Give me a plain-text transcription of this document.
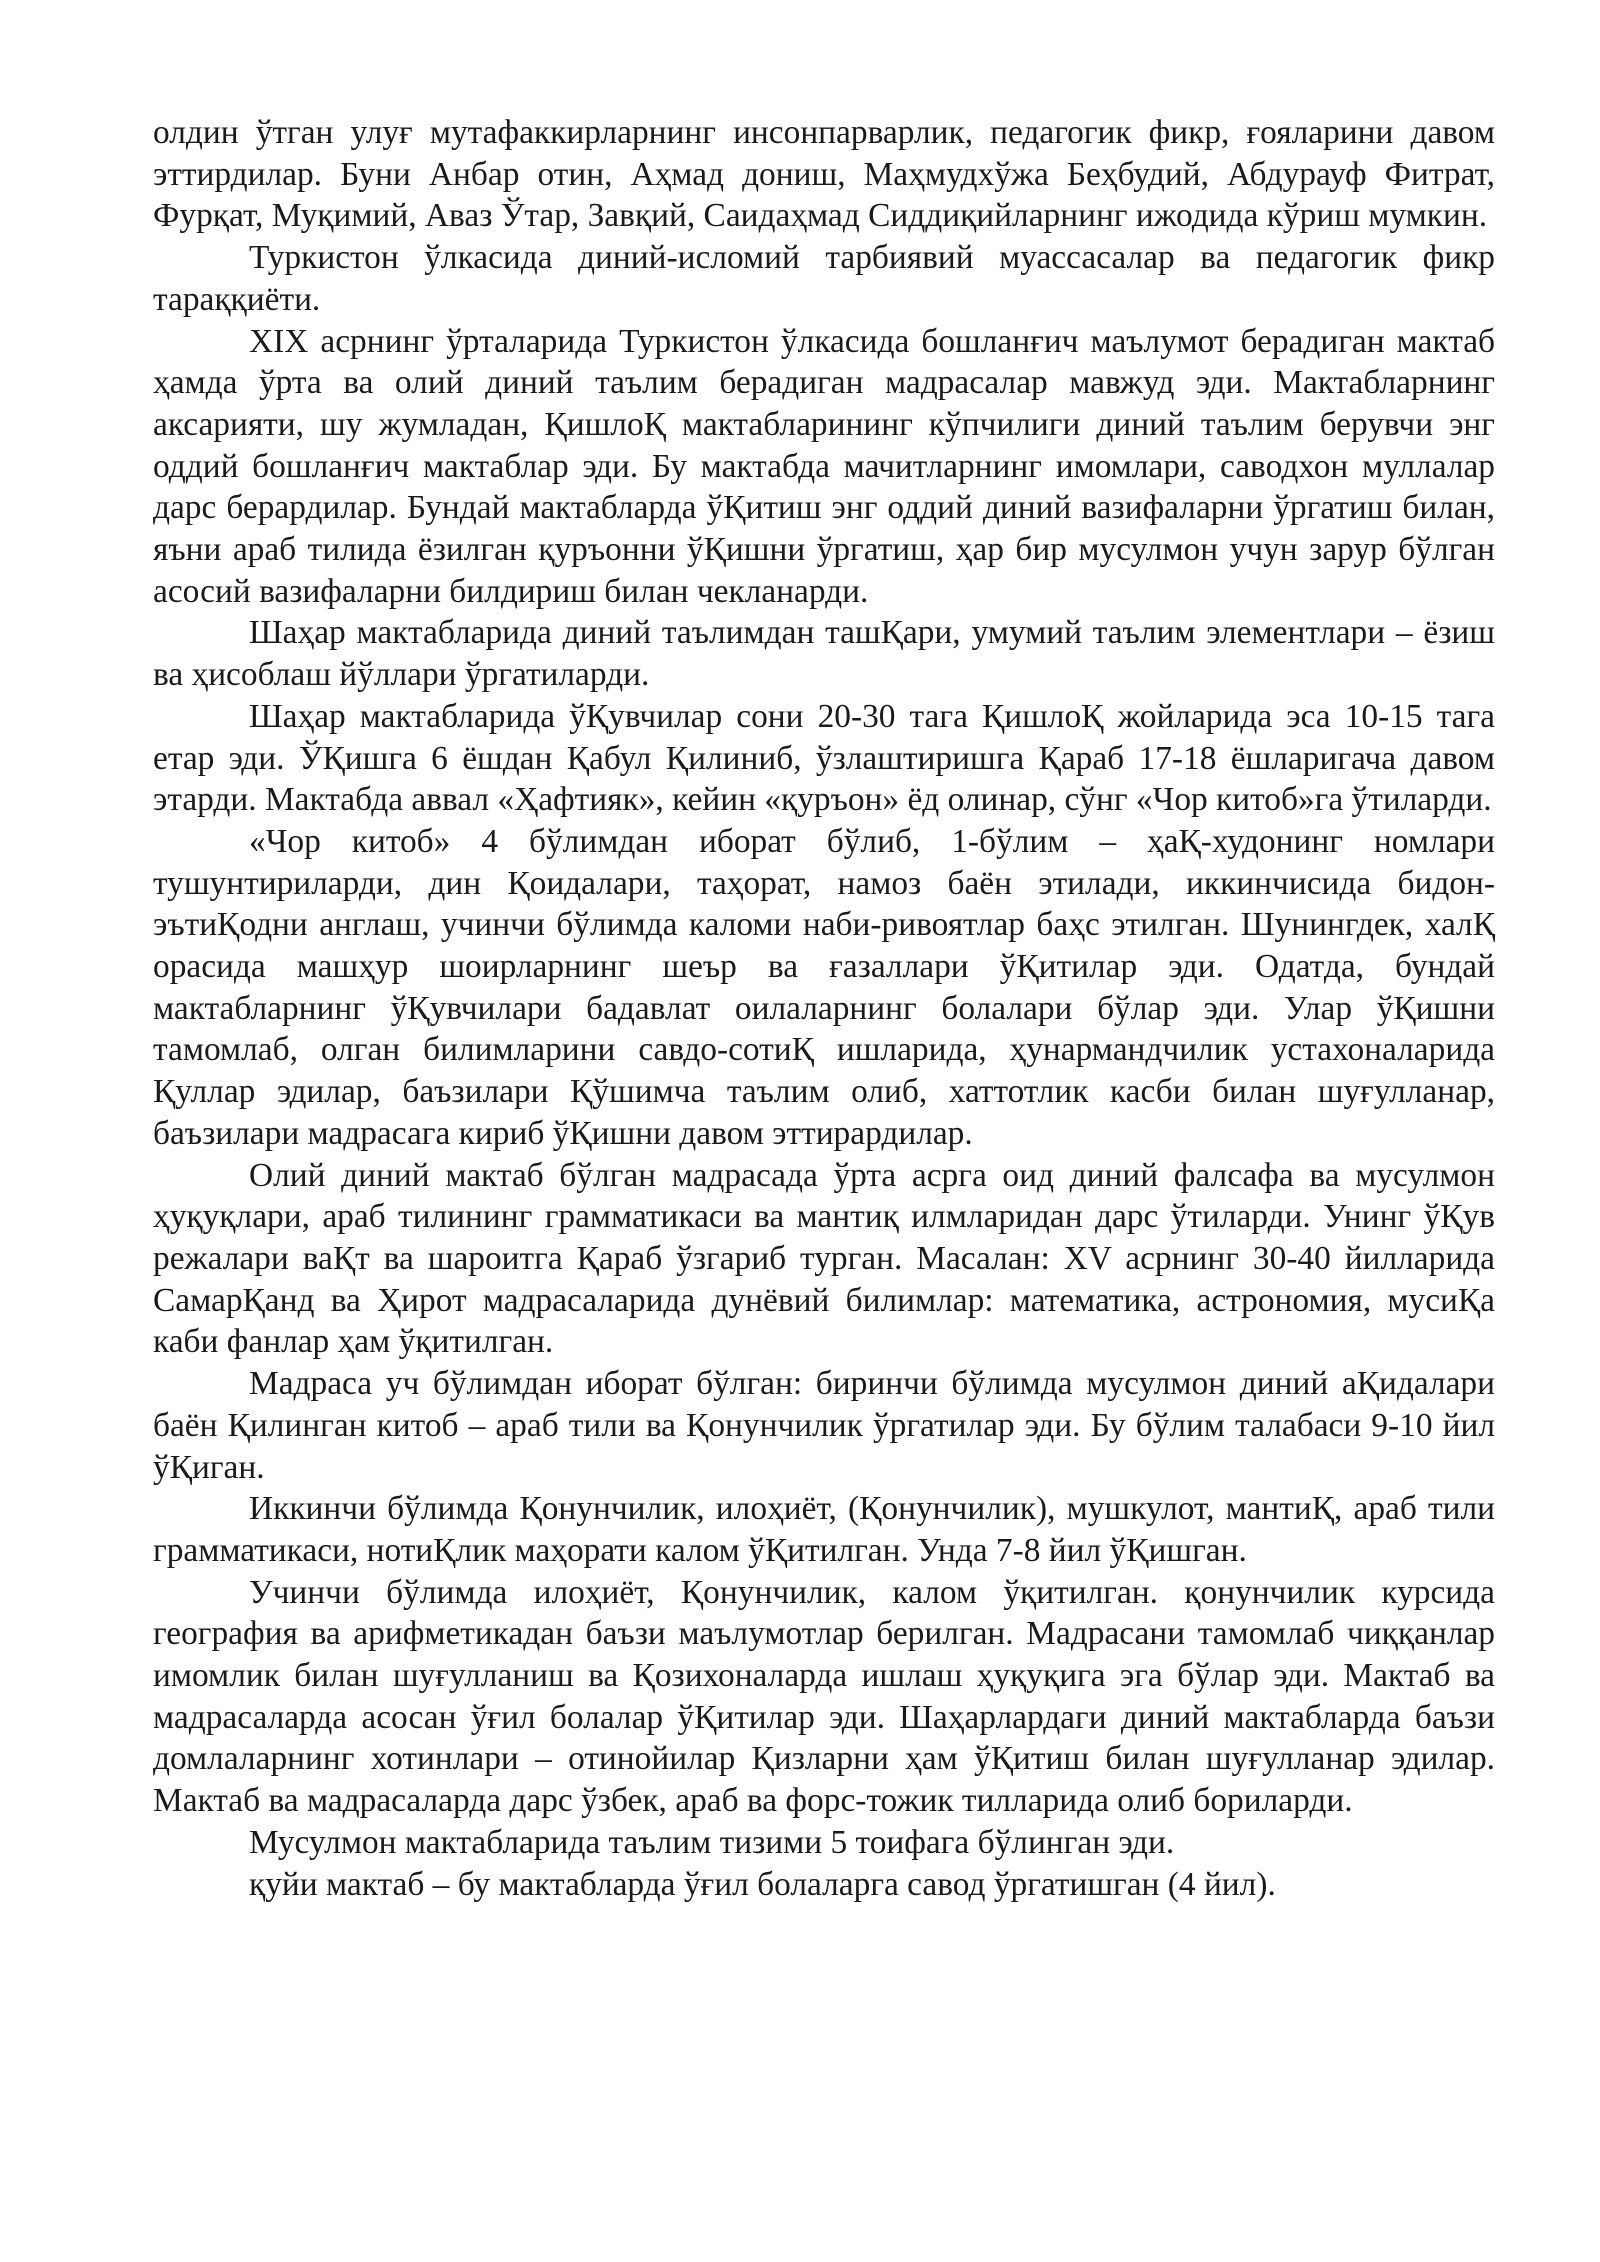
олдин ўтган улуғ мутафаккирларнинг инсонпарварлик, педагогик фикр, ғояларини давом эттирдилар. Буни Анбар отин, Аҳмад дониш, Маҳмудхўжа Беҳбудий, Абдурауф Фитрат, Фурқат, Муқимий, Аваз Ўтар, Завқий, Саидаҳмад Сиддиқийларнинг ижодида кўриш мумкин.

Туркистон ўлкасида диний-исломий тарбиявий муассасалар ва педагогик фикр тараққиёти.

XIX асрнинг ўрталарида Туркистон ўлкасида бошланғич маълумот берадиган мактаб ҳамда ўрта ва олий диний таълим берадиган мадрасалар мавжуд эди. Мактабларнинг аксарияти, шу жумладан, ҚишлоҚ мактабларининг кўпчилиги диний таълим берувчи энг оддий бошланғич мактаблар эди. Бу мактабда мачитларнинг имомлари, саводхон муллалар дарс берардилар. Бундай мактабларда ўҚитиш энг оддий диний вазифаларни ўргатиш билан, яъни араб тилида ёзилган қуръонни ўҚишни ўргатиш, ҳар бир мусулмон учун зарур бўлган асосий вазифаларни билдириш билан чекланарди.

Шаҳар мактабларида диний таълимдан ташҚари, умумий таълим элементлари – ёзиш ва ҳисоблаш йўллари ўргатиларди.

Шаҳар мактабларида ўҚувчилар сони 20-30 тага ҚишлоҚ жойларида эса 10-15 тага етар эди. ЎҚишга 6 ёшдан Қабул Қилиниб, ўзлаштиришга Қараб 17-18 ёшларигача давом этарди. Мактабда аввал «Ҳафтияк», кейин «қуръон» ёд олинар, сўнг «Чор китоб»га ўтиларди.

«Чор китоб» 4 бўлимдан иборат бўлиб, 1-бўлим – ҳаҚ-худонинг номлари тушунтириларди, дин Қоидалари, таҳорат, намоз баён этилади, иккинчисида бидон-эътиҚодни англаш, учинчи бўлимда каломи наби-ривоятлар баҳс этилган. Шунингдек, халҚ орасида машҳур шоирларнинг шеър ва ғазаллари ўҚитилар эди. Одатда, бундай мактабларнинг ўҚувчилари бадавлат оилаларнинг болалари бўлар эди. Улар ўҚишни тамомлаб, олган билимларини савдо-сотиҚ ишларида, ҳунармандчилик устахоналарида Қуллар эдилар, баъзилари Қўшимча таълим олиб, хаттотлик касби билан шуғулланар, баъзилари мадрасага кириб ўҚишни давом эттирардилар.

Олий диний мактаб бўлган мадрасада ўрта асрга оид диний фалсафа ва мусулмон ҳуқуқлари, араб тилининг грамматикаси ва мантиқ илмларидан дарс ўтиларди. Унинг ўҚув режалари ваҚт ва шароитга Қараб ўзгариб турган. Масалан: XV асрнинг 30-40 йилларида СамарҚанд ва Ҳирот мадрасаларида дунёвий билимлар: математика, астрономия, мусиҚа каби фанлар ҳам ўқитилган.

Мадраса уч бўлимдан иборат бўлган: биринчи бўлимда мусулмон диний аҚидалари баён Қилинган китоб – араб тили ва Қонунчилик ўргатилар эди. Бу бўлим талабаси 9-10 йил ўҚиган.

Иккинчи бўлимда Қонунчилик, илоҳиёт, (Қонунчилик), мушкулот, мантиҚ, араб тили грамматикаси, нотиҚлик маҳорати калом ўҚитилган. Унда 7-8 йил ўҚишган.

Учинчи бўлимда илоҳиёт, Қонунчилик, калом ўқитилган. қонунчилик курсида география ва арифметикадан баъзи маълумотлар берилган. Мадрасани тамомлаб чиққанлар имомлик билан шуғулланиш ва Қозихоналарда ишлаш ҳуқуқига эга бўлар эди. Мактаб ва мадрасаларда асосан ўғил болалар ўҚитилар эди. Шаҳарлардаги диний мактабларда баъзи домлаларнинг хотинлари – отинойилар Қизларни ҳам ўҚитиш билан шуғулланар эдилар. Мактаб ва мадрасаларда дарс ўзбек, араб ва форс-тожик тилларида олиб бориларди.

Мусулмон мактабларида таълим тизими 5 тоифага бўлинган эди.

қуйи мактаб – бу мактабларда ўғил болаларга савод ўргатишган (4 йил).
